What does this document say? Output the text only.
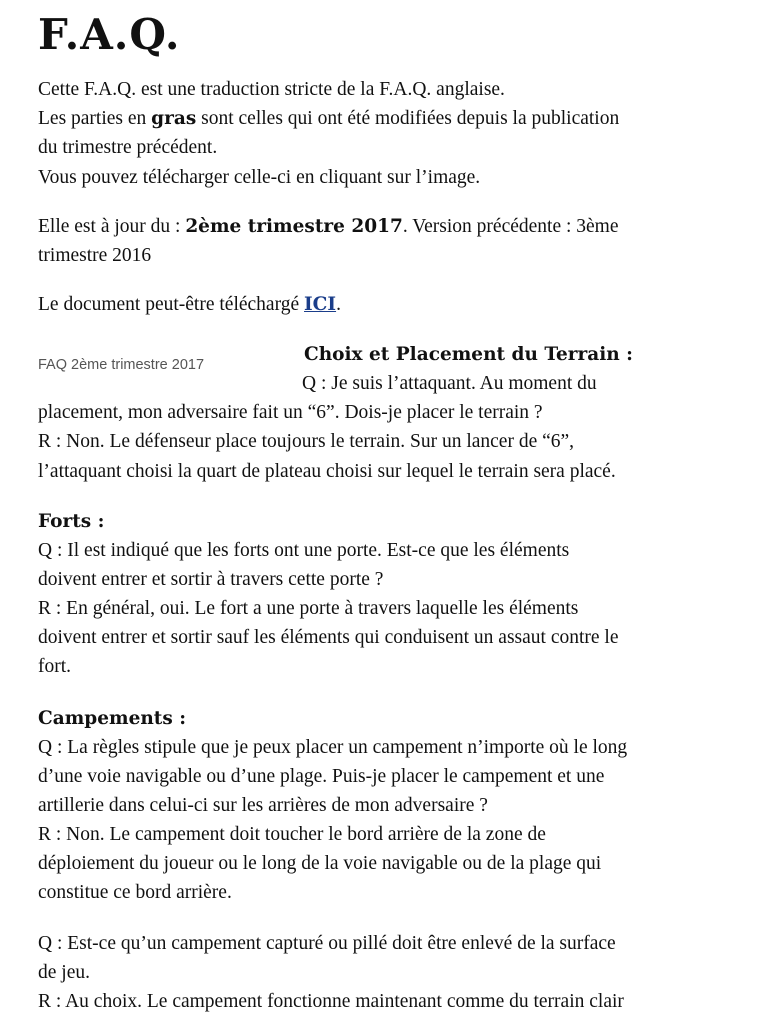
F.A.Q.
Cette F.A.Q. est une traduction stricte de la F.A.Q. anglaise.
Les parties en gras sont celles qui ont été modifiées depuis la publication
du trimestre précédent.
Vous pouvez télécharger celle-ci en cliquant sur l’image.
Elle est à jour du : 2ème trimestre 2017. Version précédente : 3ème
trimestre 2016
Le document peut-être téléchargé ICI.
FAQ 2ème trimestre 2017	Choix et Placement du Terrain :
Q : Je suis l’attaquant. Au moment du
placement, mon adversaire fait un “6”. Dois-je placer le terrain ?
R : Non. Le défenseur place toujours le terrain. Sur un lancer de “6”,
l’attaquant choisi la quart de plateau choisi sur lequel le terrain sera placé.
Forts :
Q : Il est indiqué que les forts ont une porte. Est-ce que les éléments
doivent entrer et sortir à travers cette porte ?
R : En général, oui. Le fort a une porte à travers laquelle les éléments
doivent entrer et sortir sauf les éléments qui conduisent un assaut contre le
fort.
Campements :
Q : La règles stipule que je peux placer un campement n’importe où le long
d’une voie navigable ou d’une plage. Puis-je placer le campement et une
artillerie dans celui-ci sur les arrières de mon adversaire ?
R : Non. Le campement doit toucher le bord arrière de la zone de
déploiement du joueur ou le long de la voie navigable ou de la plage qui
constitue ce bord arrière.
Q : Est-ce qu’un campement capturé ou pillé doit être enlevé de la surface
de jeu.
R : Au choix. Le campement fonctionne maintenant comme du terrain clair
